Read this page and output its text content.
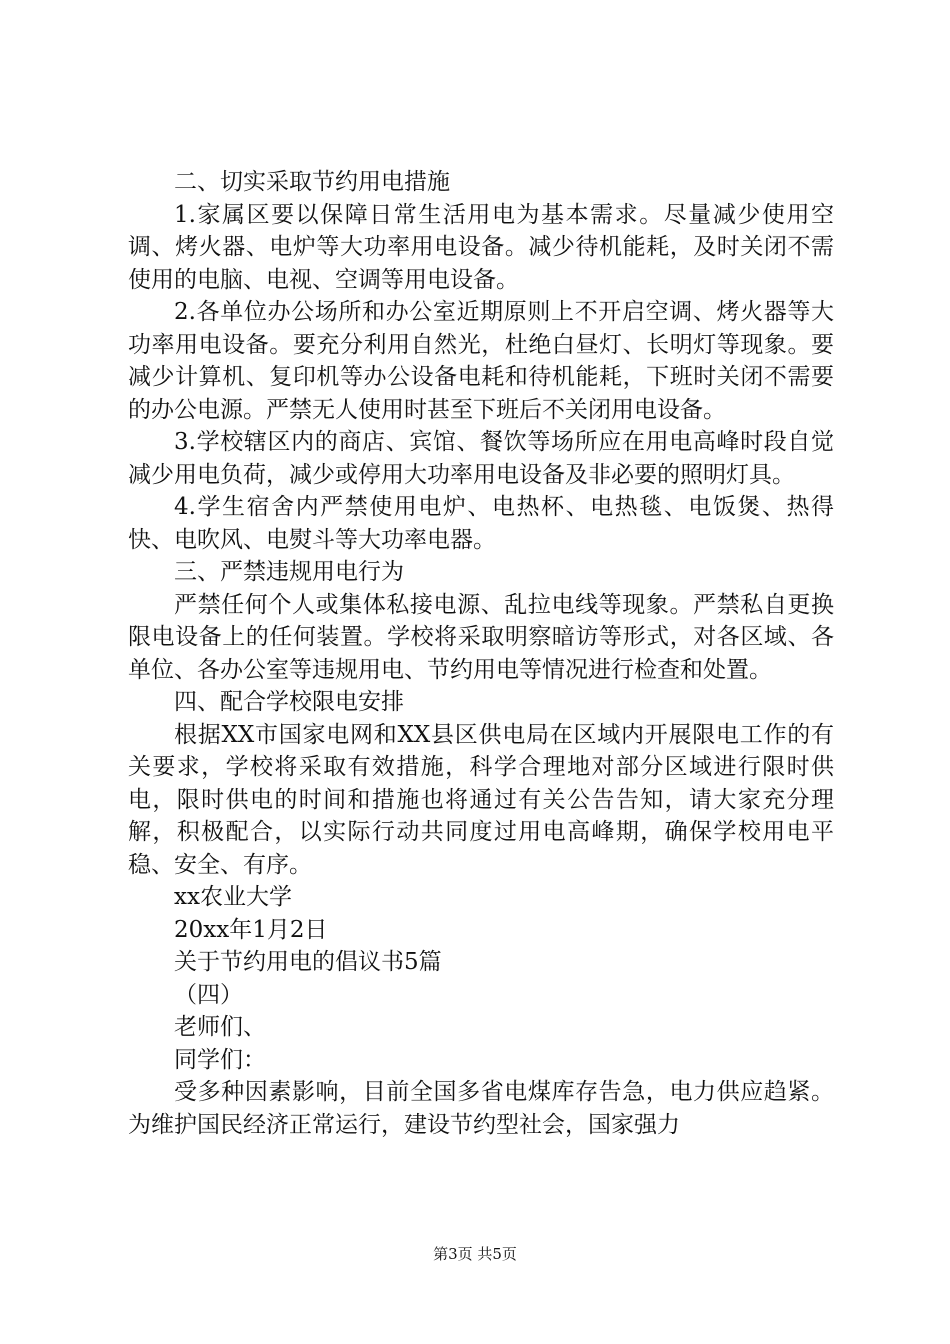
二、切实采取节约用电措施

1.家属区要以保障日常生活用电为基本需求。尽量减少使用空调、烤火器、电炉等大功率用电设备。减少待机能耗，及时关闭不需使用的电脑、电视、空调等用电设备。

2.各单位办公场所和办公室近期原则上不开启空调、烤火器等大功率用电设备。要充分利用自然光，杜绝白昼灯、长明灯等现象。要减少计算机、复印机等办公设备电耗和待机能耗，下班时关闭不需要的办公电源。严禁无人使用时甚至下班后不关闭用电设备。

3.学校辖区内的商店、宾馆、餐饮等场所应在用电高峰时段自觉减少用电负荷，减少或停用大功率用电设备及非必要的照明灯具。

4.学生宿舍内严禁使用电炉、电热杯、电热毯、电饭煲、热得快、电吹风、电熨斗等大功率电器。

三、严禁违规用电行为

严禁任何个人或集体私接电源、乱拉电线等现象。严禁私自更换限电设备上的任何装置。学校将采取明察暗访等形式，对各区域、各单位、各办公室等违规用电、节约用电等情况进行检查和处置。

四、配合学校限电安排

根据XX市国家电网和XX县区供电局在区域内开展限电工作的有关要求，学校将采取有效措施，科学合理地对部分区域进行限时供电，限时供电的时间和措施也将通过有关公告告知，请大家充分理解，积极配合，以实际行动共同度过用电高峰期，确保学校用电平稳、安全、有序。

xx农业大学

20xx年1月2日

关于节约用电的倡议书5篇

（四）

老师们、

同学们：

受多种因素影响，目前全国多省电煤库存告急，电力供应趋紧。为维护国民经济正常运行，建设节约型社会，国家强力

第3页 共5页
